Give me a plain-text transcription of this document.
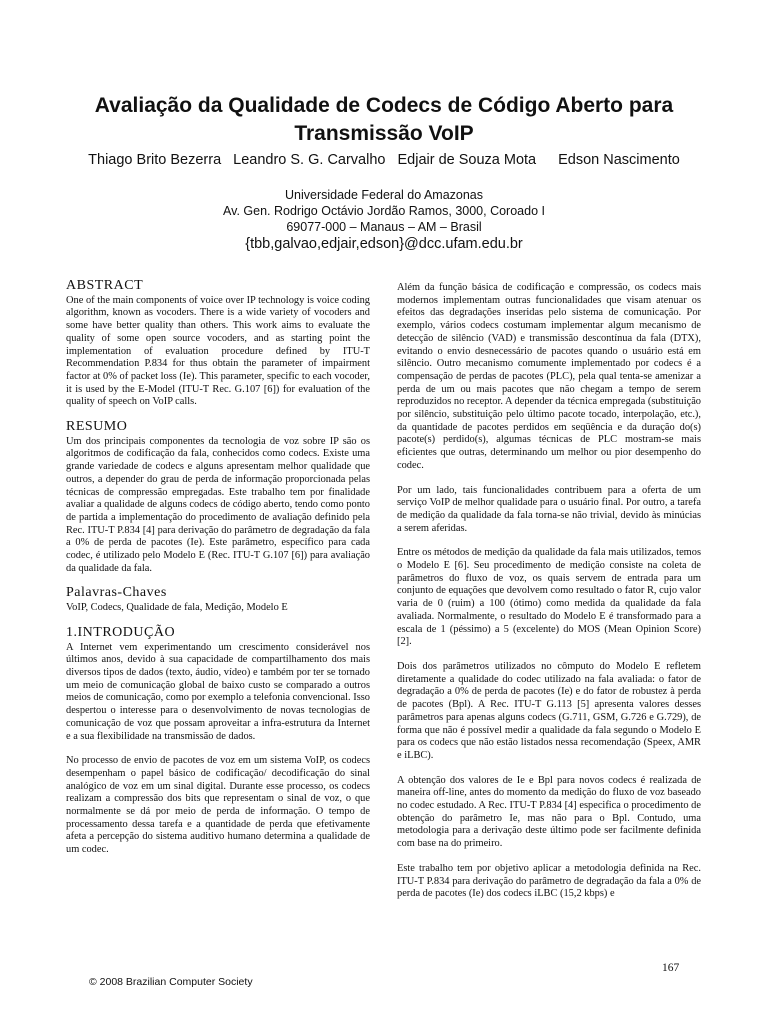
Avaliação da Qualidade de Codecs de Código Aberto para Transmissão VoIP
Thiago Brito Bezerra Leandro S. G. Carvalho Edjair de Souza Mota Edson Nascimento
Universidade Federal do Amazonas
Av. Gen. Rodrigo Octávio Jordão Ramos, 3000, Coroado I
69077-000 – Manaus – AM – Brasil
{tbb,galvao,edjair,edson}@dcc.ufam.edu.br
ABSTRACT

One of the main components of voice over IP technology is voice coding algorithm, known as vocoders. There is a wide variety of vocoders and some have better quality than others. This work aims to evaluate the quality of some open source vocoders, and as starting point the implementation of evaluation procedure defined by ITU-T Recommendation P.834 for thus obtain the parameter of impairment factor at 0% of packet loss (Ie). This parameter, specific to each vocoder, it is used by the E-Model (ITU-T Rec. G.107 [6]) for evaluation of the quality of speech on VoIP calls.

RESUMO

Um dos principais componentes da tecnologia de voz sobre IP são os algoritmos de codificação da fala, conhecidos como codecs. Existe uma grande variedade de codecs e alguns apresentam melhor qualidade que outros, a depender do grau de perda de informação proporcionada pelas técnicas de compressão empregadas. Este trabalho tem por finalidade avaliar a qualidade de alguns codecs de código aberto, tendo como ponto de partida a implementação do procedimento de avaliação definido pela Rec. ITU-T P.834 [4] para derivação do parâmetro de degradação da fala a 0% de perda de pacotes (Ie). Este parâmetro, específico para cada codec, é utilizado pelo Modelo E (Rec. ITU-T G.107 [6]) para avaliação da qualidade da fala.

Palavras-Chaves

VoIP, Codecs, Qualidade de fala, Medição, Modelo E

1.INTRODUÇÃO

A Internet vem experimentando um crescimento considerável nos últimos anos, devido à sua capacidade de compartilhamento dos mais diversos tipos de dados (texto, áudio, vídeo) e também por ter se tornado um meio de comunicação global de baixo custo se comparado a outros meios de comunicação, como por exemplo a telefonia convencional. Isso despertou o interesse para o desenvolvimento de novas tecnologias de comunicação de voz que possam aproveitar a infra-estrutura da Internet e a sua flexibilidade na transmissão de dados.

No processo de envio de pacotes de voz em um sistema VoIP, os codecs desempenham o papel básico de codificação/ decodificação do sinal analógico de voz em um sinal digital. Durante esse processo, os codecs realizam a compressão dos bits que representam o sinal de voz, o que normalmente se dá por meio de perda de informação. O tempo de processamento dessa tarefa e a quantidade de perda que efetivamente afeta a percepção do sistema auditivo humano determina a qualidade de um codec.

Além da função básica de codificação e compressão, os codecs mais modernos implementam outras funcionalidades que visam atenuar os efeitos das degradações inseridas pelo sistema de comunicação. Por exemplo, vários codecs costumam implementar algum mecanismo de detecção de silêncio (VAD) e transmissão descontínua da fala (DTX), evitando o envio desnecessário de pacotes quando o usuário está em silêncio. Outro mecanismo comumente implementado por codecs é a compensação de perdas de pacotes (PLC), pela qual tenta-se amenizar a perda de um ou mais pacotes que não chegam a tempo de serem reproduzidos no receptor. A depender da técnica empregada (substituição por silêncio, substituição pelo último pacote tocado, interpolação, etc.), da quantidade de pacotes perdidos em seqüência e da duração do(s) pacote(s) perdido(s), algumas técnicas de PLC mostram-se mais eficientes que outras, determinando um melhor ou pior desempenho do codec.

Por um lado, tais funcionalidades contribuem para a oferta de um serviço VoIP de melhor qualidade para o usuário final. Por outro, a tarefa de medição da qualidade da fala torna-se não trivial, devido às minúcias a serem aferidas.

Entre os métodos de medição da qualidade da fala mais utilizados, temos o Modelo E [6]. Seu procedimento de medição consiste na coleta de parâmetros do fluxo de voz, os quais servem de entrada para um conjunto de equações que devolvem como resultado o fator R, cujo valor varia de 0 (ruim) a 100 (ótimo) como medida da qualidade da fala avaliada. Normalmente, o resultado do Modelo E é transformado para a escala de 1 (péssimo) a 5 (excelente) do MOS (Mean Opinion Score) [2].

Dois dos parâmetros utilizados no cômputo do Modelo E refletem diretamente a qualidade do codec utilizado na fala avaliada: o fator de degradação a 0% de perda de pacotes (Ie) e do fator de robustez à perda de pacotes (Bpl). A Rec. ITU-T G.113 [5] apresenta valores desses parâmetros para apenas alguns codecs (G.711, GSM, G.726 e G.729), de forma que não é possível medir a qualidade da fala segundo o Modelo E para os codecs que não estão listados nessa recomendação (Speex, AMR e iLBC).

A obtenção dos valores de Ie e Bpl para novos codecs é realizada de maneira off-line, antes do momento da medição do fluxo de voz baseado no codec estudado. A Rec. ITU-T P.834 [4] especifica o procedimento de obtenção do parâmetro Ie, mas não para o Bpl. Contudo, uma metodologia para a derivação deste último pode ser facilmente definida com base na do primeiro.

Este trabalho tem por objetivo aplicar a metodologia definida na Rec. ITU-T P.834 para derivação do parâmetro de degradação da fala a 0% de perda de pacotes (Ie) dos codecs iLBC (15,2 kbps) e

167
© 2008 Brazilian Computer Society
